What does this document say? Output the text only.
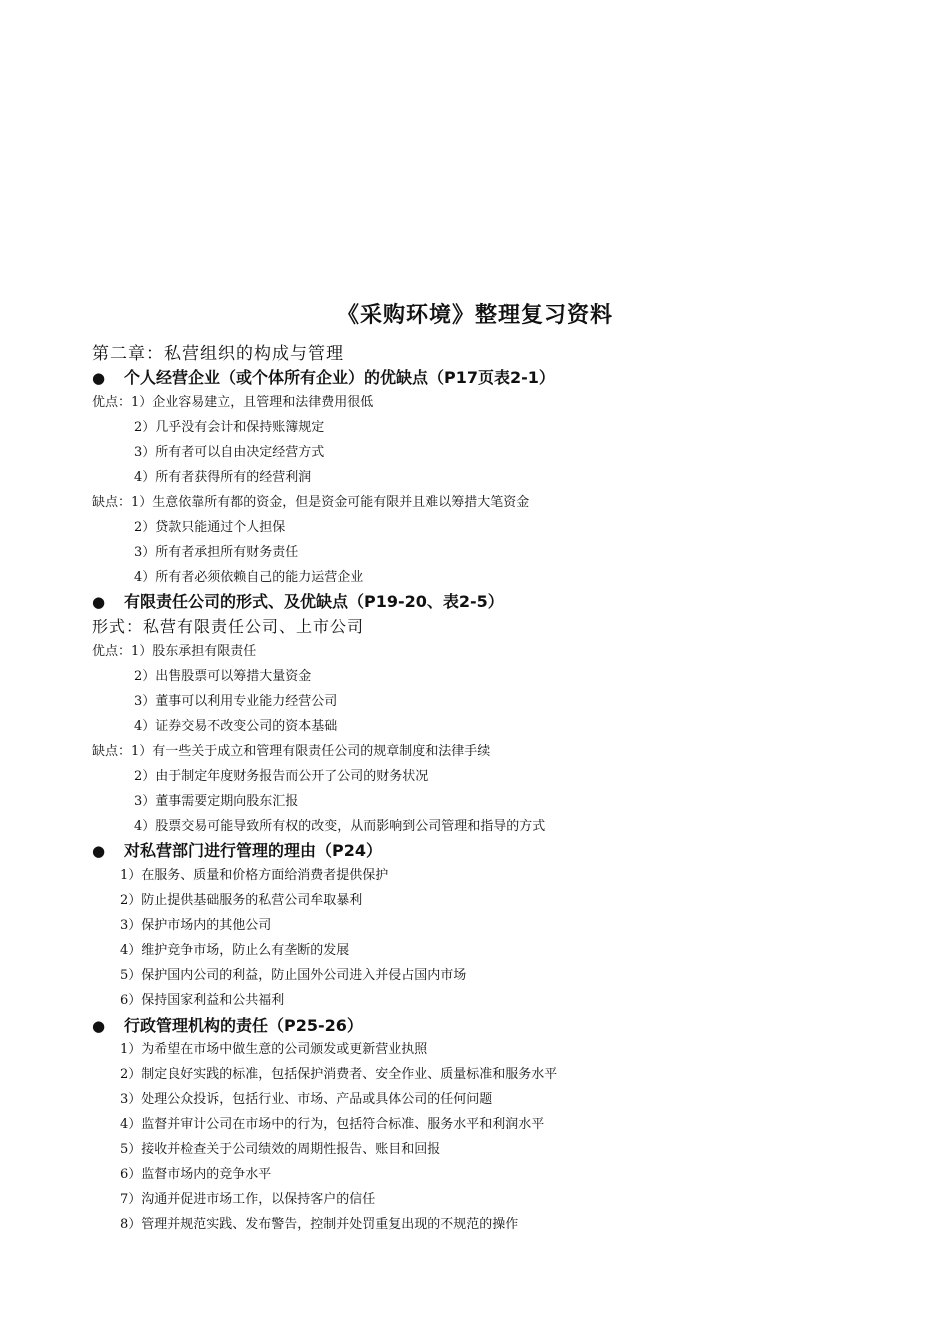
《采购环境》整理复习资料
第二章：私营组织的构成与管理
● 个人经营企业（或个体所有企业）的优缺点（P17页表2-1）
优点：1）企业容易建立，且管理和法律费用很低
2）几乎没有会计和保持账簿规定
3）所有者可以自由决定经营方式
4）所有者获得所有的经营利润
缺点：1）生意依靠所有都的资金，但是资金可能有限并且难以筹措大笔资金
2）贷款只能通过个人担保
3）所有者承担所有财务责任
4）所有者必须依赖自己的能力运营企业
● 有限责任公司的形式、及优缺点（P19-20、表2-5）
形式：私营有限责任公司、上市公司
优点：1）股东承担有限责任
2）出售股票可以筹措大量资金
3）董事可以利用专业能力经营公司
4）证券交易不改变公司的资本基础
缺点：1）有一些关于成立和管理有限责任公司的规章制度和法律手续
2）由于制定年度财务报告而公开了公司的财务状况
3）董事需要定期向股东汇报
4）股票交易可能导致所有权的改变，从而影响到公司管理和指导的方式
● 对私营部门进行管理的理由（P24）
1）在服务、质量和价格方面给消费者提供保护
2）防止提供基础服务的私营公司牟取暴利
3）保护市场内的其他公司
4）维护竞争市场，防止么有垄断的发展
5）保护国内公司的利益，防止国外公司进入并侵占国内市场
6）保持国家利益和公共福利
● 行政管理机构的责任（P25-26）
1）为希望在市场中做生意的公司颁发或更新营业执照
2）制定良好实践的标准，包括保护消费者、安全作业、质量标准和服务水平
3）处理公众投诉，包括行业、市场、产品或具体公司的任何问题
4）监督并审计公司在市场中的行为，包括符合标准、服务水平和利润水平
5）接收并检查关于公司绩效的周期性报告、账目和回报
6）监督市场内的竞争水平
7）沟通并促进市场工作，以保持客户的信任
8）管理并规范实践、发布警告，控制并处罚重复出现的不规范的操作
